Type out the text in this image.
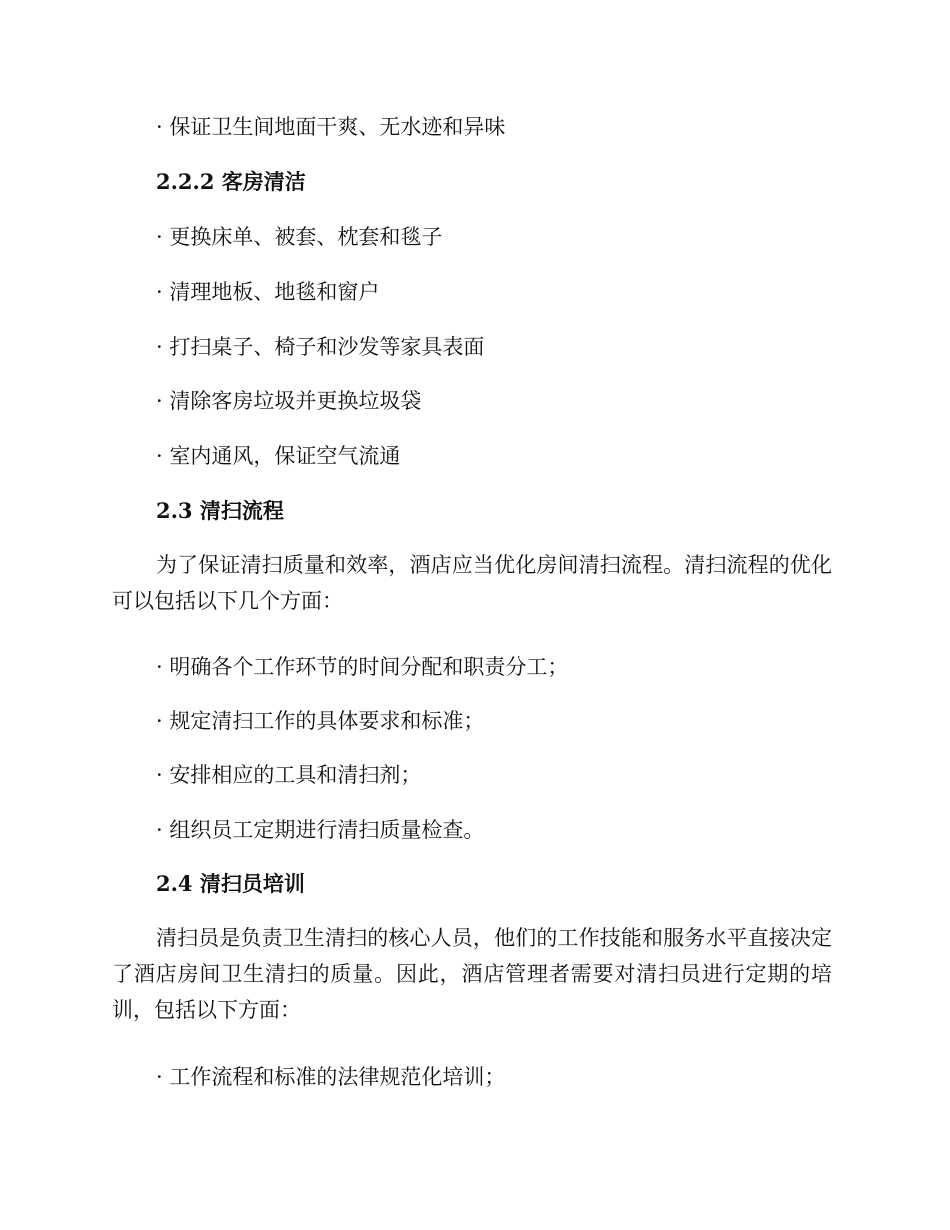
· 保证卫生间地面干爽、无水迹和异味
2.2.2 客房清洁
· 更换床单、被套、枕套和毯子
· 清理地板、地毯和窗户
· 打扫桌子、椅子和沙发等家具表面
· 清除客房垃圾并更换垃圾袋
· 室内通风，保证空气流通
2.3 清扫流程
为了保证清扫质量和效率，酒店应当优化房间清扫流程。清扫流程的优化可以包括以下几个方面：
· 明确各个工作环节的时间分配和职责分工；
· 规定清扫工作的具体要求和标准；
· 安排相应的工具和清扫剂；
· 组织员工定期进行清扫质量检查。
2.4 清扫员培训
清扫员是负责卫生清扫的核心人员，他们的工作技能和服务水平直接决定了酒店房间卫生清扫的质量。因此，酒店管理者需要对清扫员进行定期的培训，包括以下方面：
· 工作流程和标准的法律规范化培训；
